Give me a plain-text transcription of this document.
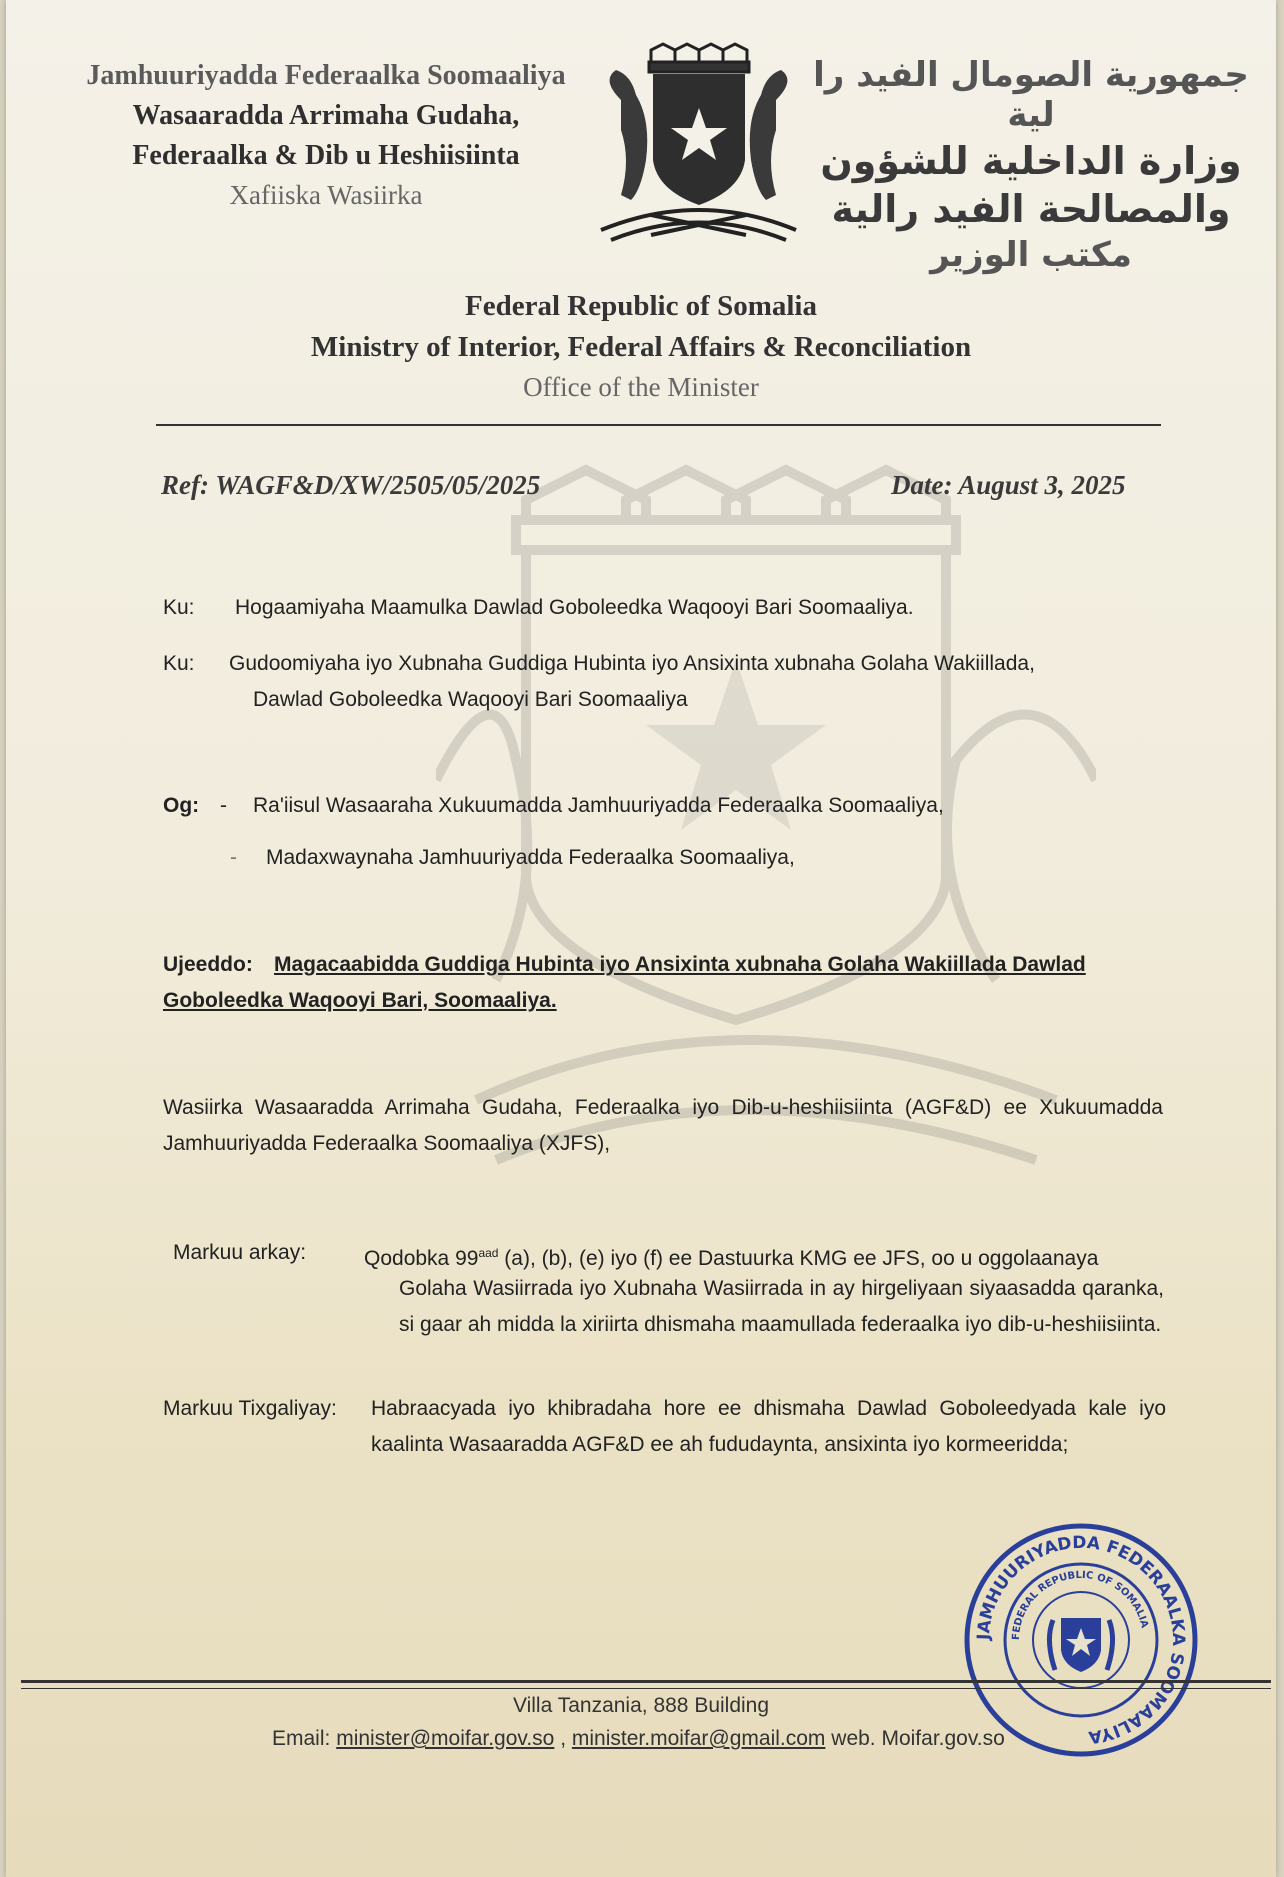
Jamhuuriyadda Federaalka Soomaaliya
Wasaaradda Arrimaha Gudaha,
Federaalka & Dib u Heshiisiinta
Xafiiska Wasiirka
جمهورية الصومال الفيد را لية
وزارة الداخلية للشؤون
والمصالحة الفيد رالية
مكتب الوزير
Federal Republic of Somalia
Ministry of Interior, Federal Affairs & Reconciliation
Office of the Minister
Ref: WAGF&D/XW/2505/05/2025	Date: August 3, 2025
Ku: Hogaamiyaha Maamulka Dawlad Goboleedka Waqooyi Bari Soomaaliya.
Ku: Gudoomiyaha iyo Xubnaha Guddiga Hubinta iyo Ansixinta xubnaha Golaha Wakiillada,
Dawlad Goboleedka Waqooyi Bari Soomaaliya
Og: - Ra'iisul Wasaaraha Xukuumadda Jamhuuriyadda Federaalka Soomaaliya,
- Madaxwaynaha Jamhuuriyadda Federaalka Soomaaliya,
Ujeeddo: Magacaabidda Guddiga Hubinta iyo Ansixinta xubnaha Golaha Wakiillada Dawlad
Goboleedka Waqooyi Bari, Soomaaliya.
Wasiirka Wasaaradda Arrimaha Gudaha, Federaalka iyo Dib-u-heshiisiinta (AGF&D) ee Xukuumadda Jamhuuriyadda Federaalka Soomaaliya (XJFS),
Markuu arkay:	Qodobka $99^{aad}$ (a), (b), (e) iyo (f) ee Dastuurka KMG ee JFS, oo u oggolaanaya
Golaha Wasiirrada iyo Xubnaha Wasiirrada in ay hirgeliyaan siyaasadda qaranka, si gaar ah midda la xiriirta dhismaha maamullada federaalka iyo dib-u-heshiisiinta.
Markuu Tixgaliyay: Habraacyada iyo khibradaha hore ee dhismaha Dawlad Goboleedyada kale iyo kaalinta Wasaaradda AGF&D ee ah fududaynta, ansixinta iyo kormeeridda;
JAMHUURIYADDA FEDERAALKA SOOMAALIYA
FEDERAL REPUBLIC OF SOMALIA
Villa Tanzania, 888 Building
Email: minister@moifar.gov.so , minister.moifar@gmail.com web. Moifar.gov.so
